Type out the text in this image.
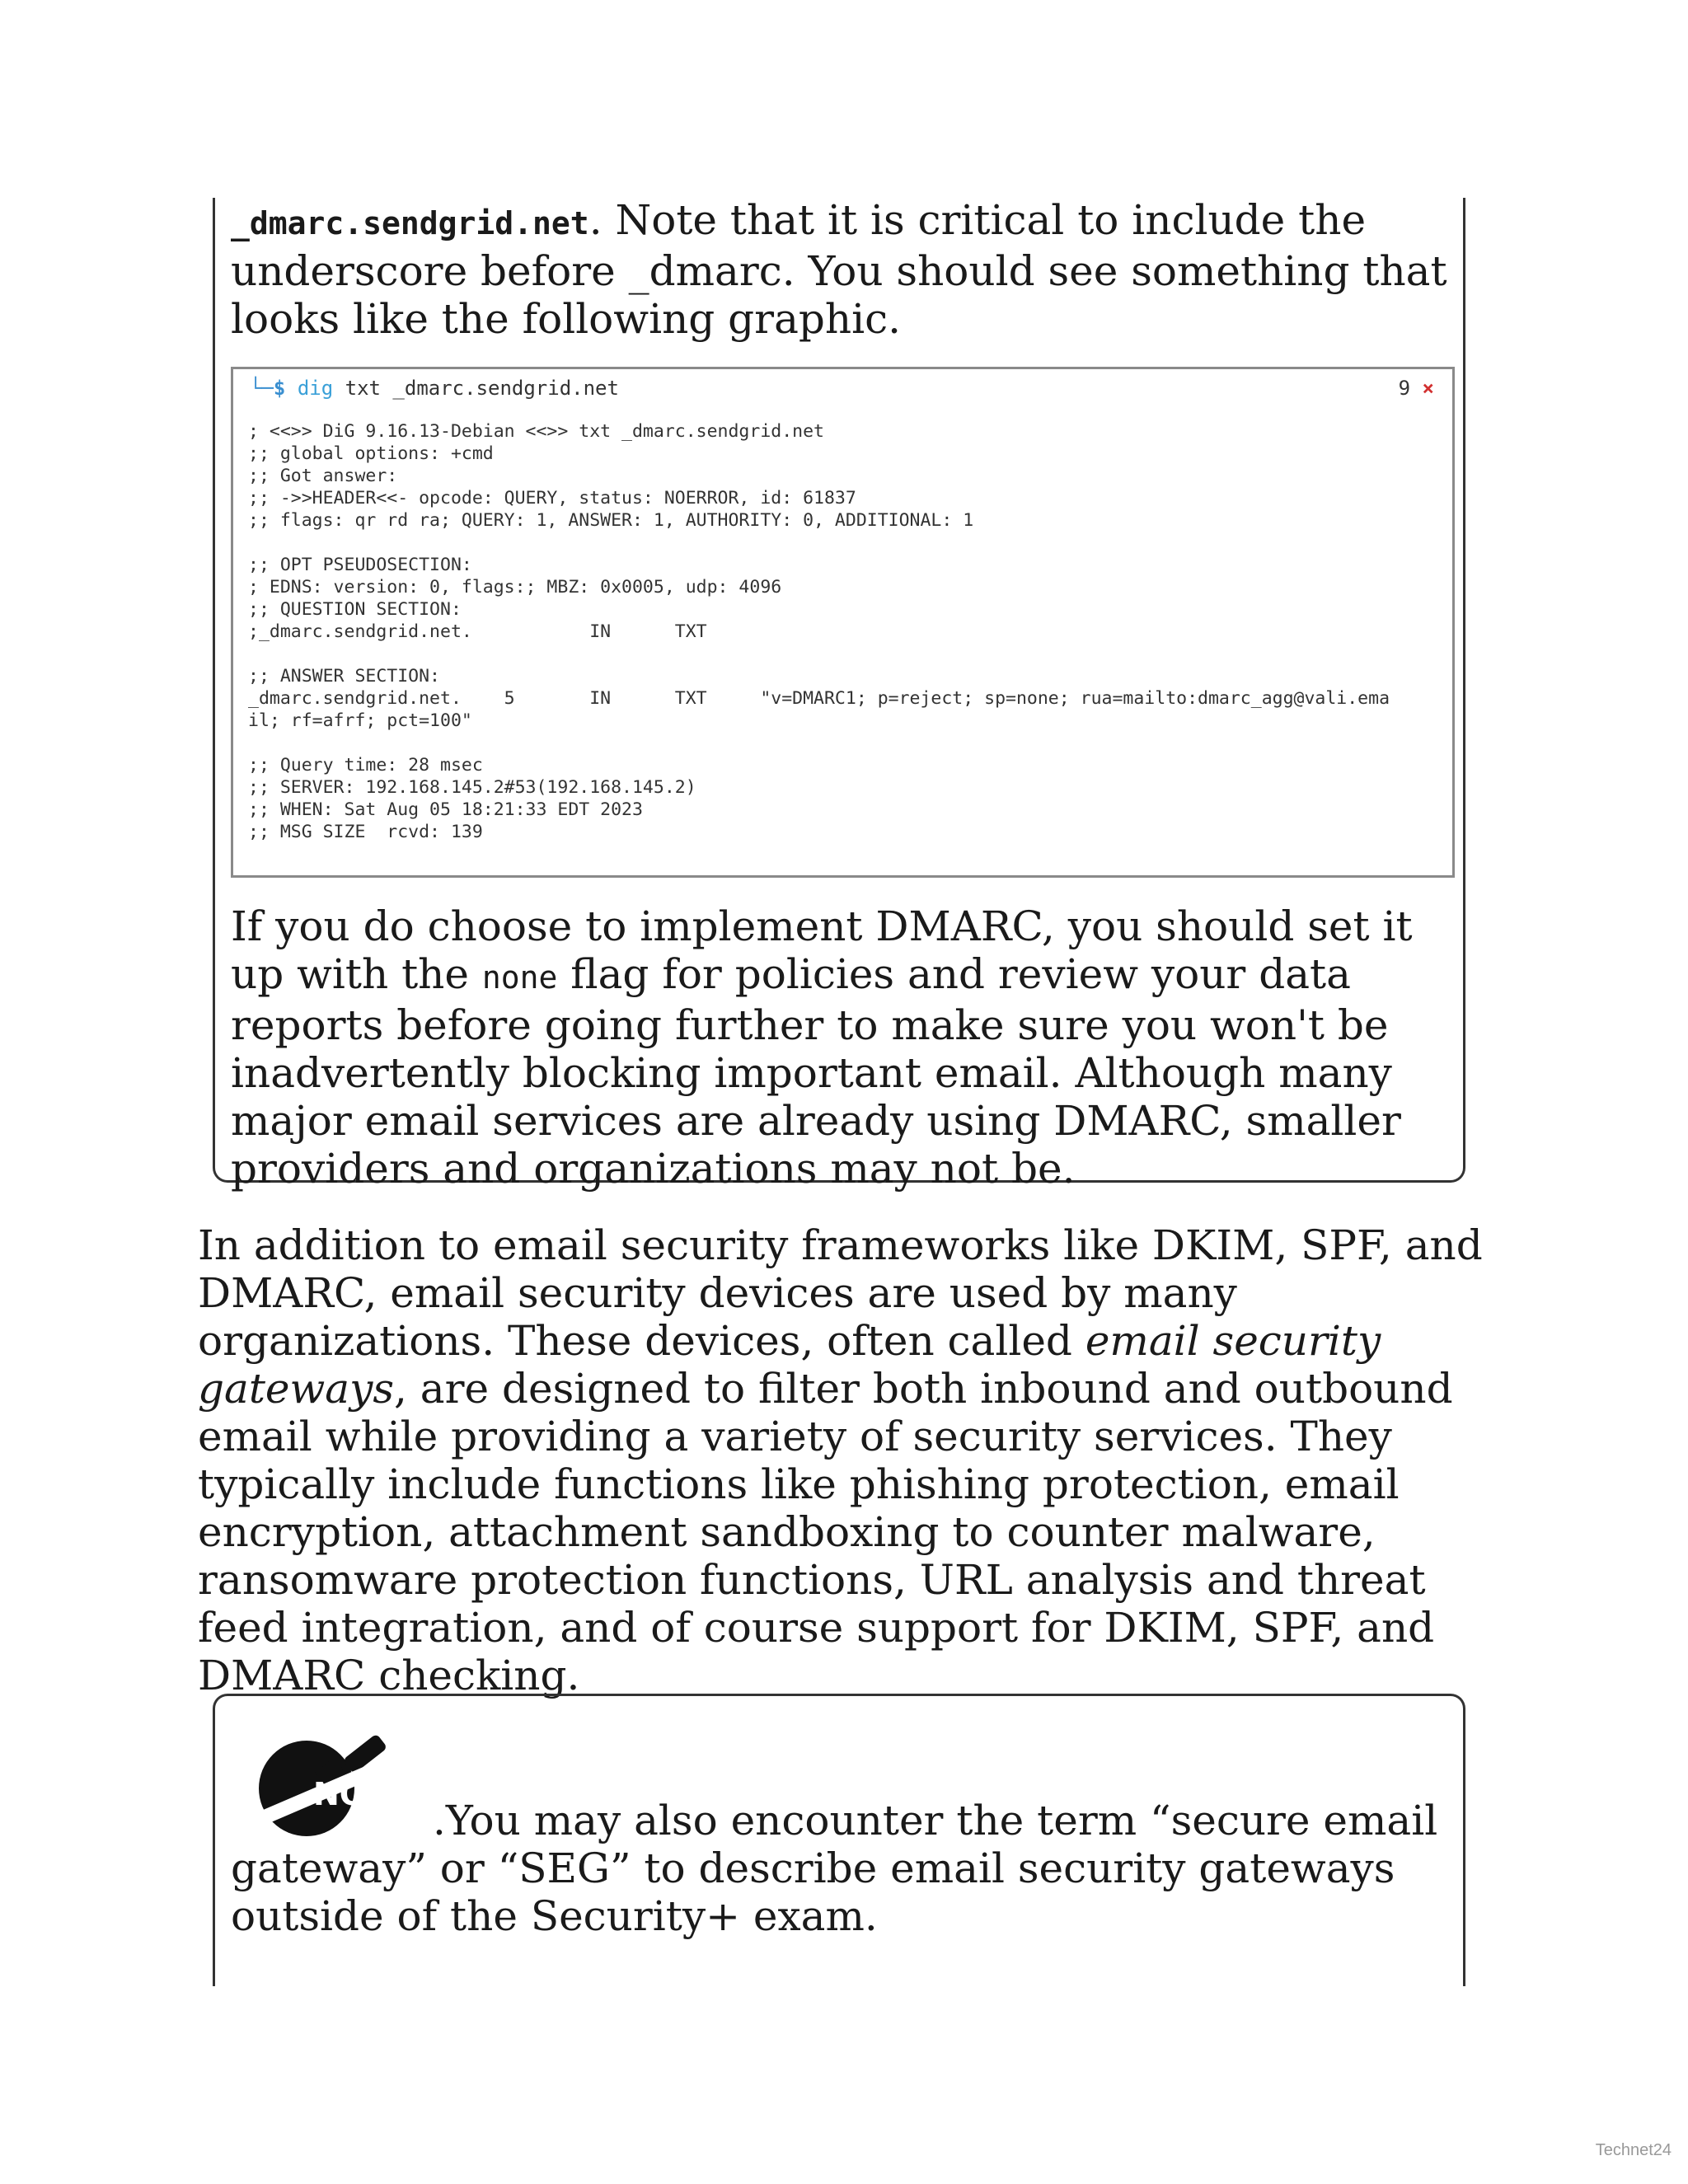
_dmarc.sendgrid.net. Note that it is critical to include the underscore before _dmarc. You should see something that looks like the following graphic.

└─$ dig txt _dmarc.sendgrid.net	9 ×
; <<>> DiG 9.16.13-Debian <<>> txt _dmarc.sendgrid.net
;; global options: +cmd
;; Got answer:
;; ->>HEADER<<- opcode: QUERY, status: NOERROR, id: 61837
;; flags: qr rd ra; QUERY: 1, ANSWER: 1, AUTHORITY: 0, ADDITIONAL: 1
;; OPT PSEUDOSECTION:
; EDNS: version: 0, flags:; MBZ: 0x0005, udp: 4096
;; QUESTION SECTION:
;_dmarc.sendgrid.net.           IN      TXT
;; ANSWER SECTION:
_dmarc.sendgrid.net.    5       IN      TXT     "v=DMARC1; p=reject; sp=none; rua=mailto:dmarc_agg@vali.ema
il; rf=afrf; pct=100"
;; Query time: 28 msec
;; SERVER: 192.168.145.2#53(192.168.145.2)
;; WHEN: Sat Aug 05 18:21:33 EDT 2023
;; MSG SIZE  rcvd: 139

If you do choose to implement DMARC, you should set it up with the none flag for policies and review your data reports before going further to make sure you won't be inadvertently blocking important email. Although many major email services are already using DMARC, smaller providers and organizations may not be.

In addition to email security frameworks like DKIM, SPF, and DMARC, email security devices are used by many organizations. These devices, often called email security gateways, are designed to filter both inbound and outbound email while providing a variety of security services. They typically include functions like phishing protection, email encryption, attachment sandboxing to counter malware, ransomware protection functions, URL analysis and threat feed integration, and of course support for DKIM, SPF, and DMARC checking.

NOTE

.You may also encounter the term “secure email gateway” or “SEG” to describe email security gateways outside of the Security+ exam.

Technet24
